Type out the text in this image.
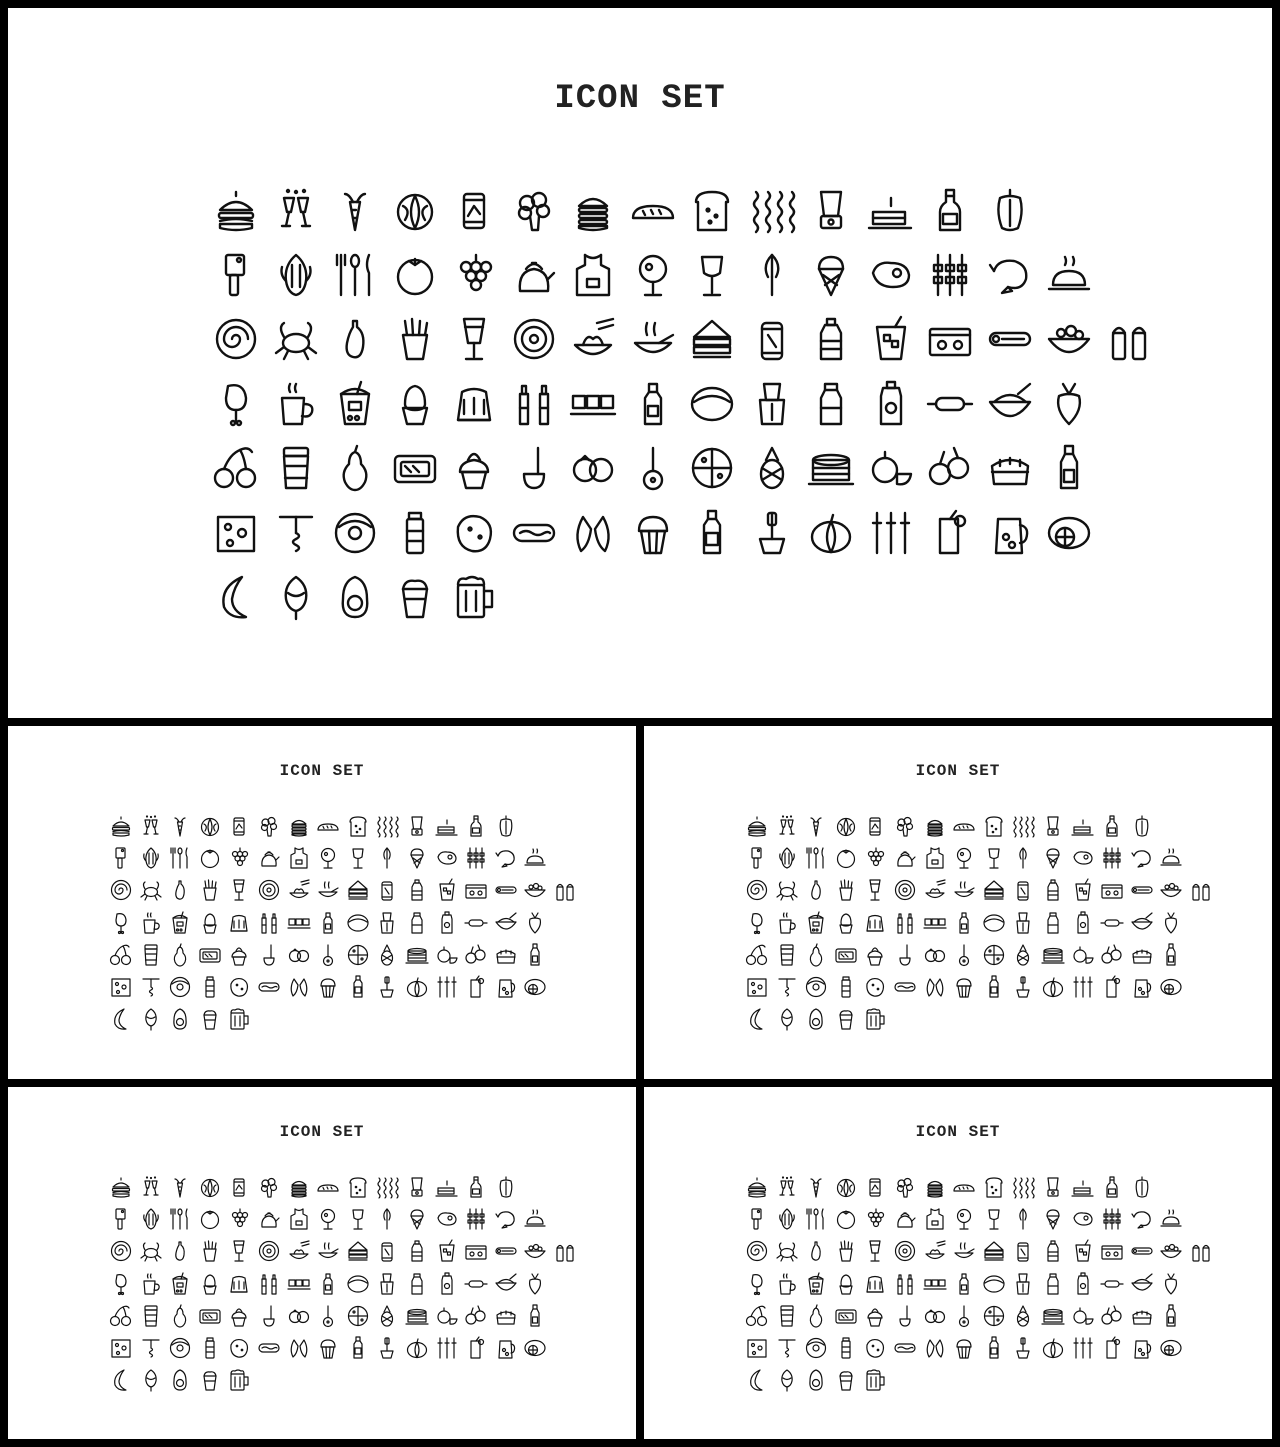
ICON SET
ICON SET	ICON SET
ICON SET	ICON SET
